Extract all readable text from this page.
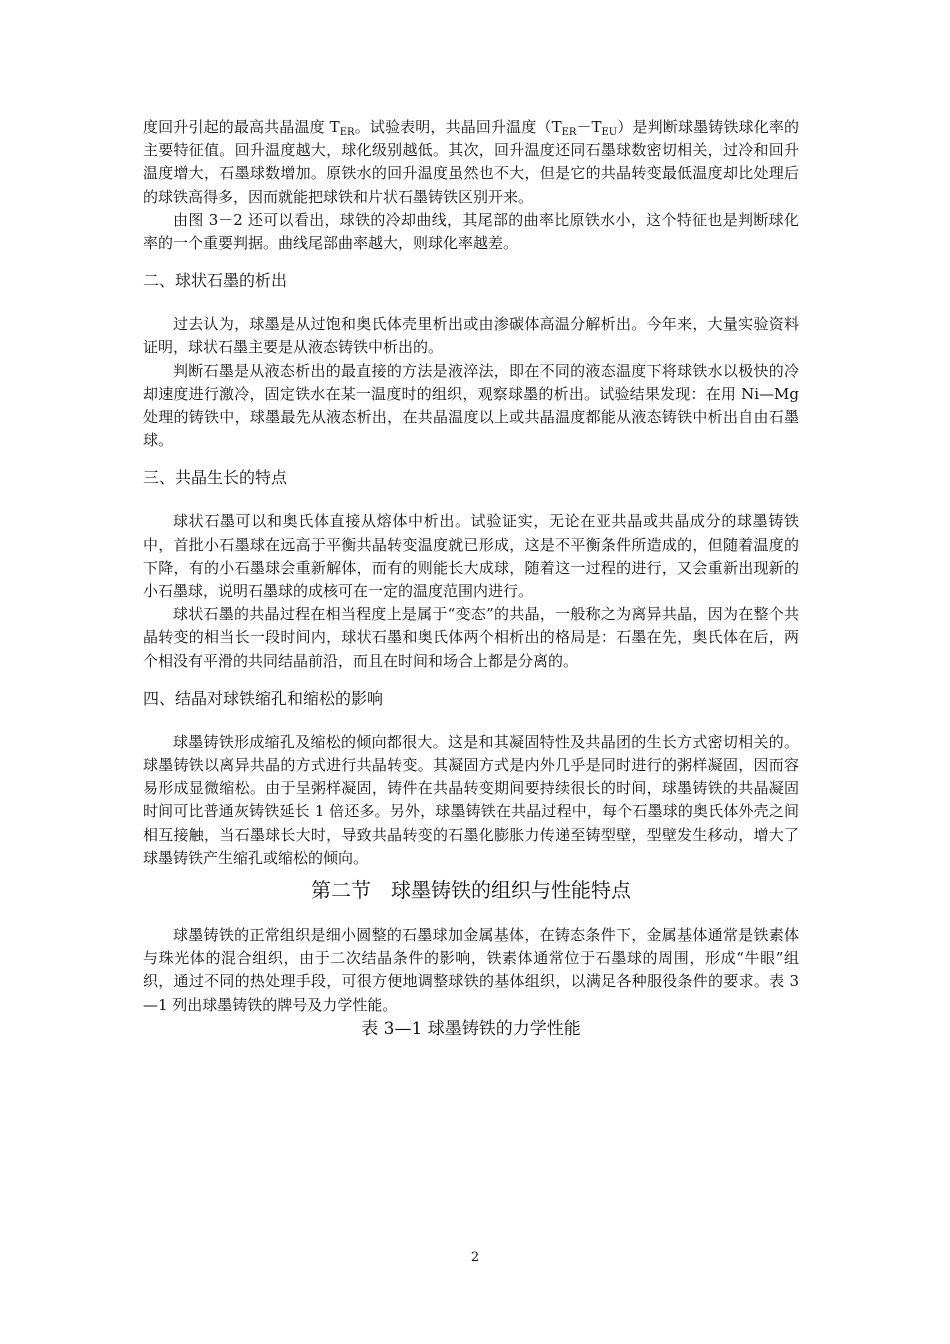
度回升引起的最高共晶温度 $T_{ER}$。试验表明，共晶回升温度$(T_{ER}-T_{EU})$是判断球墨铸铁球化率的主要特征值。回升温度越大，球化级别越低。其次，回升温度还同石墨球数密切相关，过冷和回升温度增大，石墨球数增加。原铁水的回升温度虽然也不大，但是它的共晶转变最低温度却比处理后的球铁高得多，因而就能把球铁和片状石墨铸铁区别开来。

由图 3－2 还可以看出，球铁的冷却曲线，其尾部的曲率比原铁水小，这个特征也是判断球化率的一个重要判据。曲线尾部曲率越大，则球化率越差。

二、球状石墨的析出

过去认为，球墨是从过饱和奥氏体壳里析出或由渗碳体高温分解析出。今年来，大量实验资料证明，球状石墨主要是从液态铸铁中析出的。

判断石墨是从液态析出的最直接的方法是液淬法，即在不同的液态温度下将球铁水以极快的冷却速度进行激冷，固定铁水在某一温度时的组织，观察球墨的析出。试验结果发现：在用 Ni—Mg 处理的铸铁中，球墨最先从液态析出，在共晶温度以上或共晶温度都能从液态铸铁中析出自由石墨球。

三、共晶生长的特点

球状石墨可以和奥氏体直接从熔体中析出。试验证实，无论在亚共晶或共晶成分的球墨铸铁中，首批小石墨球在远高于平衡共晶转变温度就已形成，这是不平衡条件所造成的，但随着温度的下降，有的小石墨球会重新解体，而有的则能长大成球，随着这一过程的进行，又会重新出现新的小石墨球，说明石墨球的成核可在一定的温度范围内进行。

球状石墨的共晶过程在相当程度上是属于“变态”的共晶，一般称之为离异共晶，因为在整个共晶转变的相当长一段时间内，球状石墨和奥氏体两个相析出的格局是：石墨在先，奥氏体在后，两个相没有平滑的共同结晶前沿，而且在时间和场合上都是分离的。

四、结晶对球铁缩孔和缩松的影响

球墨铸铁形成缩孔及缩松的倾向都很大。这是和其凝固特性及共晶团的生长方式密切相关的。球墨铸铁以离异共晶的方式进行共晶转变。其凝固方式是内外几乎是同时进行的粥样凝固，因而容易形成显微缩松。由于呈粥样凝固，铸件在共晶转变期间要持续很长的时间，球墨铸铁的共晶凝固时间可比普通灰铸铁延长 1 倍还多。另外，球墨铸铁在共晶过程中，每个石墨球的奥氏体外壳之间相互接触，当石墨球长大时，导致共晶转变的石墨化膨胀力传递至铸型壁，型壁发生移动，增大了球墨铸铁产生缩孔或缩松的倾向。

第二节　球墨铸铁的组织与性能特点

球墨铸铁的正常组织是细小圆整的石墨球加金属基体，在铸态条件下，金属基体通常是铁素体与珠光体的混合组织，由于二次结晶条件的影响，铁素体通常位于石墨球的周围，形成“牛眼”组织，通过不同的热处理手段，可很方便地调整球铁的基体组织，以满足各种服役条件的要求。表 3—1 列出球墨铸铁的牌号及力学性能。

表 3—1 球墨铸铁的力学性能
2
